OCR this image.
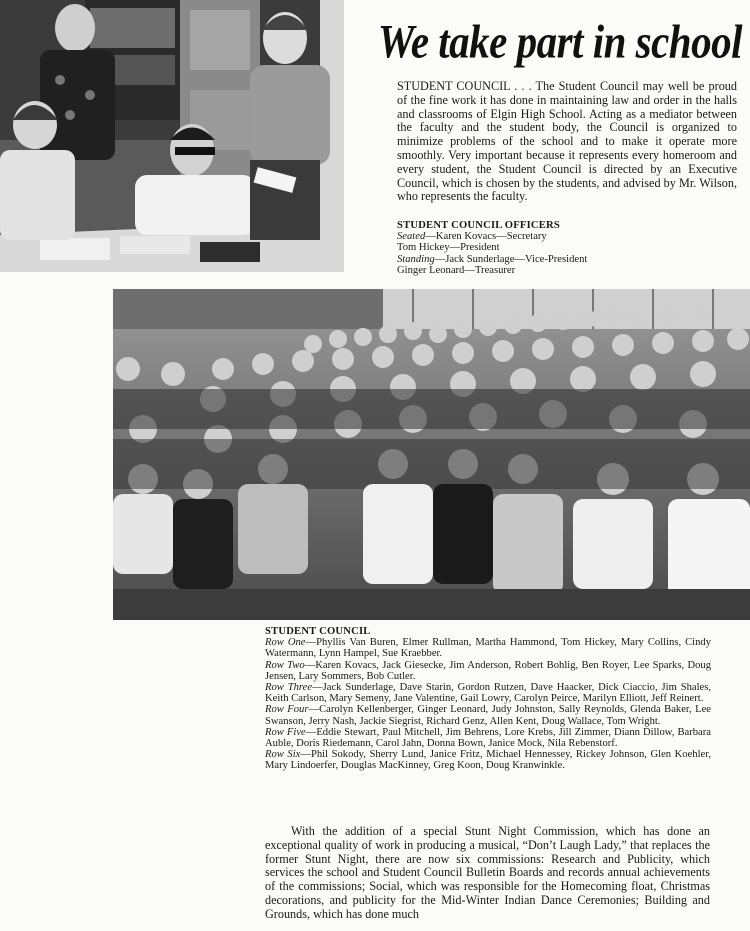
We take part in school

STUDENT COUNCIL . . . The Student Council may well be proud of the fine work it has done in maintaining law and order in the halls and classrooms of Elgin High School. Acting as a mediator between the faculty and the student body, the Council is organized to minimize problems of the school and to make it operate more smoothly. Very important because it represents every homeroom and every student, the Student Council is directed by an Executive Council, which is chosen by the students, and advised by Mr. Wilson, who represents the faculty.

STUDENT COUNCIL OFFICERS
Seated—Karen Kovacs—Secretary
Tom Hickey—President
Standing—Jack Sunderlage—Vice-President
Ginger Leonard—Treasurer
STUDENT COUNCIL
Row One—Phyllis Van Buren, Elmer Rullman, Martha Hammond, Tom Hickey, Mary Collins, Cindy Watermann, Lynn Hampel, Sue Kraebber.
Row Two—Karen Kovacs, Jack Giesecke, Jim Anderson, Robert Bohlig, Ben Royer, Lee Sparks, Doug Jensen, Lary Sommers, Bob Cutler.
Row Three—Jack Sunderlage, Dave Starin, Gordon Rutzen, Dave Haacker, Dick Ciaccio, Jim Shales, Keith Carlson, Mary Semeny, Jane Valentine, Gail Lowry, Carolyn Peirce, Marilyn Elliott, Jeff Reinert.
Row Four—Carolyn Kellenberger, Ginger Leonard, Judy Johnston, Sally Reynolds, Glenda Baker, Lee Swanson, Jerry Nash, Jackie Siegrist, Richard Genz, Allen Kent, Doug Wallace, Tom Wright.
Row Five—Eddie Stewart, Paul Mitchell, Jim Behrens, Lore Krebs, Jill Zimmer, Diann Dillow, Barbara Auble, Doris Riedemann, Carol Jahn, Donna Bown, Janice Mock, Nila Rebenstorf.
Row Six—Phil Sokody, Sherry Lund, Janice Fritz, Michael Hennessey, Rickey Johnson, Glen Koehler, Mary Lindoerfer, Douglas MacKinney, Greg Koon, Doug Kranwinkle.

With the addition of a special Stunt Night Commission, which has done an exceptional quality of work in producing a musical, “Don’t Laugh Lady,” that replaces the former Stunt Night, there are now six commissions: Research and Publicity, which services the school and Student Council Bulletin Boards and records annual achievements of the commissions; Social, which was responsible for the Homecoming float, Christmas decorations, and publicity for the Mid-Winter Indian Dance Ceremonies; Building and Grounds, which has done much
